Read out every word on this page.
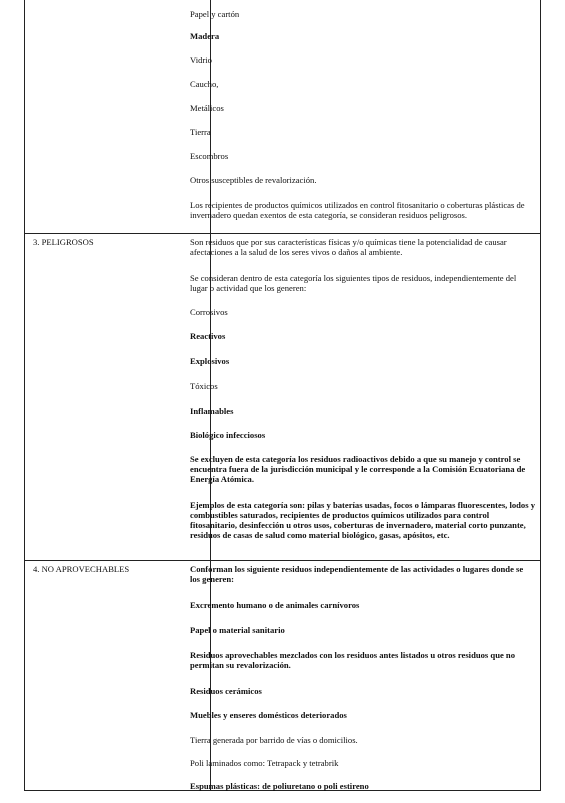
Papel y cartón

Madera

Vidrio

Caucho,

Metálicos

Tierra

Escombros

Otros susceptibles de revalorización.

Los recipientes de productos químicos utilizados en control fitosanitario o coberturas plásticas de invernadero quedan exentos de esta categoría, se consideran residuos peligrosos.

3. PELIGROSOS	Son residuos que por sus características físicas y/o químicas tiene la potencialidad de causar afectaciones a la salud de los seres vivos o daños al ambiente.

Se consideran dentro de esta categoría los siguientes tipos de residuos, independientemente del lugar o actividad que los generen:

Corrosivos

Reactivos

Explosivos

Tóxicos

Inflamables

Biológico infecciosos

Se excluyen de esta categoría los residuos radioactivos debido a que su manejo y control se encuentra fuera de la jurisdicción municipal y le corresponde a la Comisión Ecuatoriana de Energía Atómica.

Ejemplos de esta categoría son: pilas y baterías usadas, focos o lámparas fluorescentes, lodos y combustibles saturados, recipientes de productos químicos utilizados para control fitosanitario, desinfección u otros usos, coberturas de invernadero, material corto punzante, residuos de casas de salud como material biológico, gasas, apósitos, etc.

4. NO APROVECHABLES	Conforman los siguiente residuos independientemente de las actividades o lugares donde se los generen:

Excremento humano o de animales carnívoros

Papel o material sanitario

Residuos aprovechables mezclados con los residuos antes listados u otros residuos que no permitan su revalorización.

Residuos cerámicos

Muebles y enseres domésticos deteriorados

Tierra generada por barrido de vías o domicilios.

Poli laminados como: Tetrapack y tetrabrik

Espumas plásticas: de poliuretano o poli estireno
